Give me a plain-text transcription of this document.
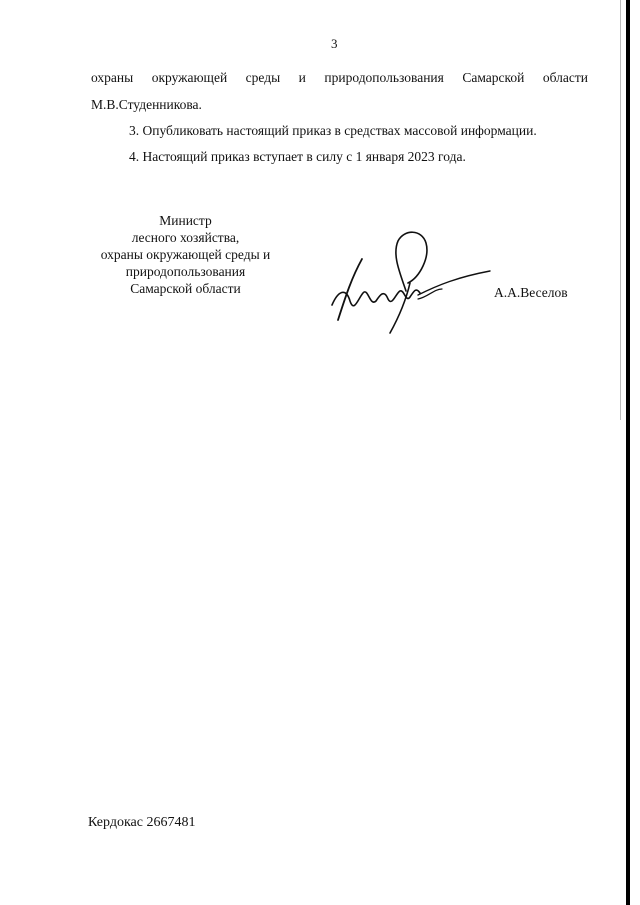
3
охраны окружающей среды и природопользования Самарской области
М.В.Студенникова.
3. Опубликовать настоящий приказ в средствах массовой информации.
4. Настоящий приказ вступает в силу с 1 января 2023 года.
Министр
лесного хозяйства,
охраны окружающей среды и
природопользования
Самарской области	А.А.Веселов
Кердокас 2667481
